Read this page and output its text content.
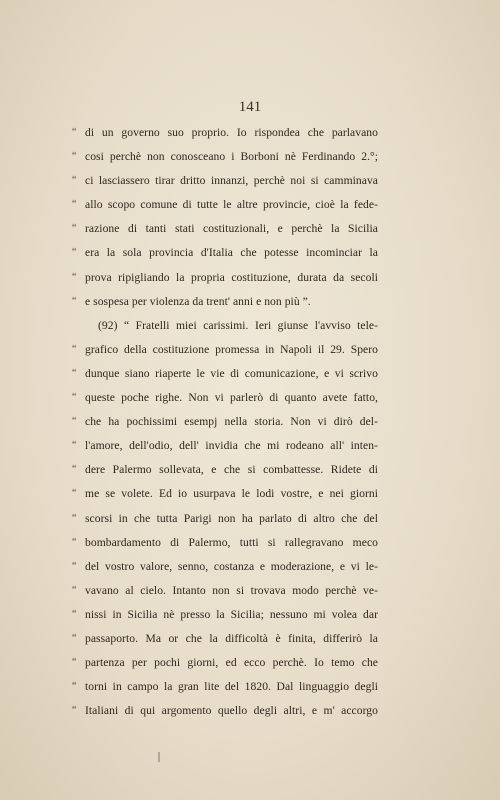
141
“ di un governo suo proprio. Io rispondea che parlavano
“ cosi perchè non conosceano i Borboni nè Ferdinando 2.°;
“ ci lasciassero tirar dritto innanzi, perchè noi si camminava
“ allo scopo comune di tutte le altre provincie, cioè la fede-
“ razione di tanti stati costituzionali, e perchè la Sicilia
“ era la sola provincia d'Italia che potesse incominciar la
“ prova ripigliando la propria costituzione, durata da secoli
“ e sospesa per violenza da trent' anni e non più ”.
(92) “ Fratelli miei carissimi. Ieri giunse l'avviso tele-
“ grafico della costituzione promessa in Napoli il 29. Spero
“ dunque siano riaperte le vie di comunicazione, e vi scrivo
“ queste poche righe. Non vi parlerò di quanto avete fatto,
“ che ha pochissimi esempj nella storia. Non vi dirò del-
“ l'amore, dell'odio, dell' invidia che mi rodeano all' inten-
“ dere Palermo sollevata, e che si combattesse. Ridete di
“ me se volete. Ed io usurpava le lodi vostre, e nei giorni
“ scorsi in che tutta Parigi non ha parlato di altro che del
“ bombardamento di Palermo, tutti si rallegravano meco
“ del vostro valore, senno, costanza e moderazione, e vi le-
“ vavano al cielo. Intanto non si trovava modo perchè ve-
“ nissi in Sicilia nè presso la Sicilia; nessuno mi volea dar
“ passaporto. Ma or che la difficoltà è finita, differirò la
“ partenza per pochi giorni, ed ecco perchè. Io temo che
“ torni in campo la gran lite del 1820. Dal linguaggio degli
“ Italiani di qui argomento quello degli altri, e m' accorgo
